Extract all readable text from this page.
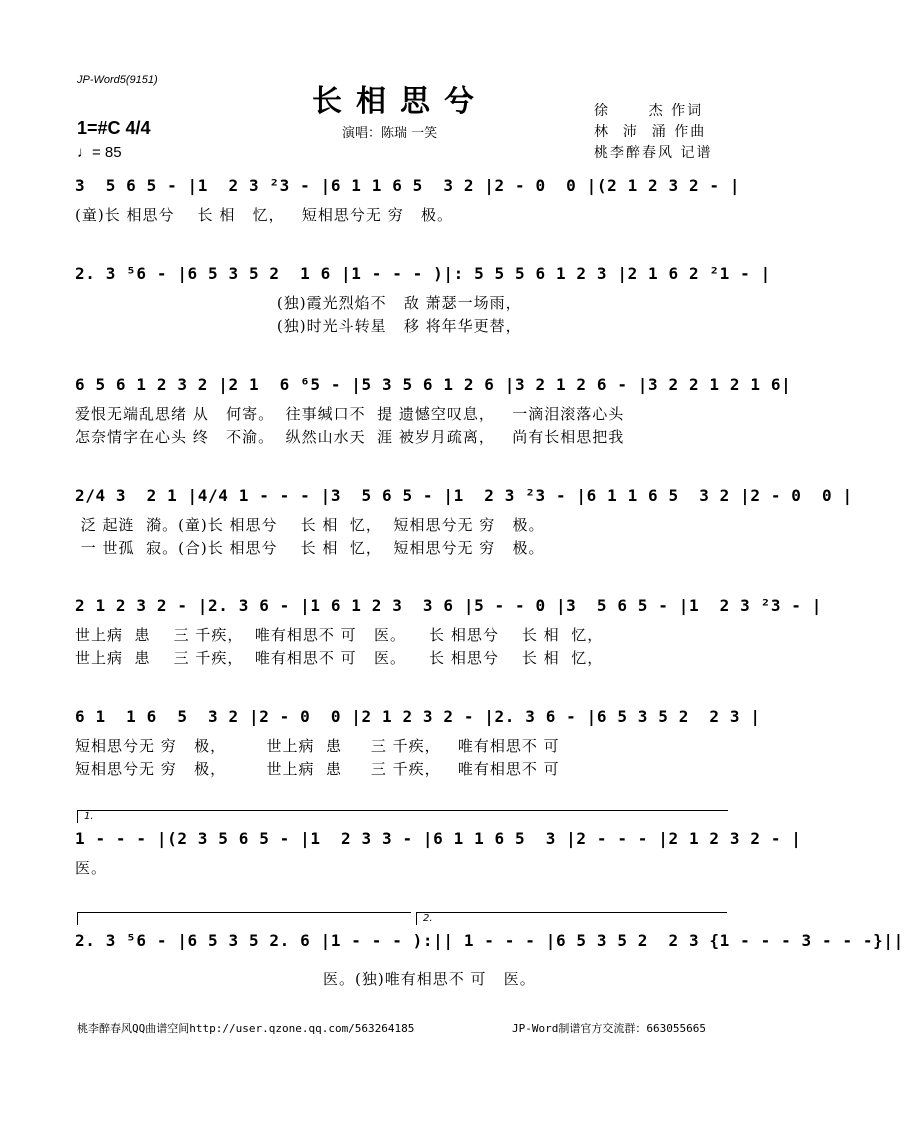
JP-Word5(9151)
长相思兮
演唱：陈瑞 一笑
徐      杰 作词
林  沛  涌 作曲
桃李醉春风 记谱
1=#C 4/4
♩= 85
3  5 6 5 - |1  2 3 ²3 - |6 1 1 6 5  3 2 |2 - 0  0 |(2 1 2 3 2 - |
(童)长 相思兮    长 相   忆，   短相思兮无 穷   极。
2. 3 ⁵6 - |6 5 3 5 2  1 6 |1 - - - )|: 5 5 5 6 1 2 3 |2 1 6 2 ²1 - |
(独)霞光烈焰不   敌 萧瑟一场雨，
(独)时光斗转星   移 将年华更替，
6 5 6 1 2 3 2 |2 1  6 ⁶5 - |5 3 5 6 1 2 6 |3 2 1 2 6 - |3 2 2 1 2 1 6|
爱恨无端乱思绪 从   何寄。  往事缄口不  提 遗憾空叹息，   一滴泪滚落心头
怎奈情字在心头 终   不渝。  纵然山水天  涯 被岁月疏离，   尚有长相思把我
2/4 3  2 1 |4/4 1 - - - |3  5 6 5 - |1  2 3 ²3 - |6 1 1 6 5  3 2 |2 - 0  0 |
泛 起涟  漪。(童)长 相思兮    长 相  忆，  短相思兮无 穷   极。
一 世孤  寂。(合)长 相思兮    长 相  忆，  短相思兮无 穷   极。
2 1 2 3 2 - |2. 3 6 - |1 6 1 2 3  3 6 |5 - - 0 |3  5 6 5 - |1  2 3 ²3 - |
世上病  患    三 千疾，  唯有相思不 可   医。    长 相思兮    长 相  忆，
世上病  患    三 千疾，  唯有相思不 可   医。    长 相思兮    长 相  忆，
6 1  1 6  5  3 2 |2 - 0  0 |2 1 2 3 2 - |2. 3 6 - |6 5 3 5 2  2 3 |
短相思兮无 穷   极，       世上病  患     三 千疾，   唯有相思不 可
短相思兮无 穷   极，       世上病  患     三 千疾，   唯有相思不 可
1.
1 - - - |(2 3 5 6 5 - |1  2 3 3 - |6 1 1 6 5  3 |2 - - - |2 1 2 3 2 - |
医。
2.
2. 3 ⁵6 - |6 5 3 5 2. 6 |1 - - - ):|| 1 - - - |6 5 3 5 2  2 3 {1 - - - 3 - - -}||
医。(独)唯有相思不 可   医。
桃李醉春风QQ曲谱空间http://user.qzone.qq.com/563264185	JP-Word制谱官方交流群：663055665
